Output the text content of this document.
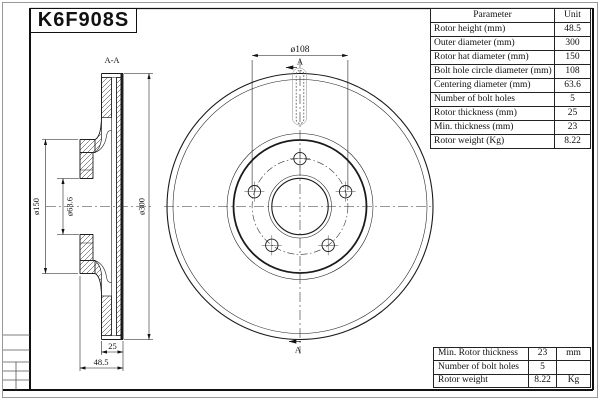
A-A
ø108
ø300
ø150	ø63.6
25
48.5
A
A
K6F908S	Parameter	Unit
Rotor height (mm)	48.5
Outer diameter (mm)	300
Rotor hat diameter (mm)	150
Bolt hole circle diameter (mm)	108
Centering diameter (mm)	63.6
Number of bolt holes	5
Rotor thickness (mm)	25
Min. thickness (mm)	23
Rotor weight (Kg)	8.22
Min. Rotor thickness	23	mm
Number of bolt holes	5	
Rotor weight	8.22	Kg
